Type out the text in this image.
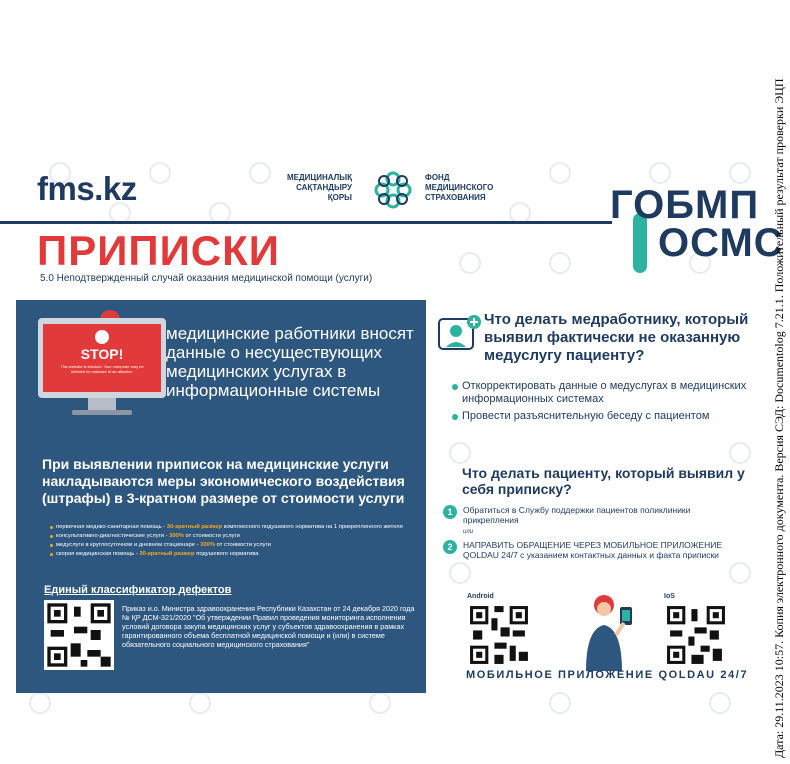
fms.kz	МЕДИЦИНАЛЫҚ
САҚТАНДЫРУ
ҚОРЫ
ФОНД
МЕДИЦИНСКОГО
СТРАХОВАНИЯ	ГОБМП
ОСМС
ПРИПИСКИ
5.0 Неподтвержденный случай оказания медицинской помощи (услуги)
STOP!
This website is blocked. Your computer may be infected by malware of an attacker.
медицинские работники вносят данные о несуществующих медицинских услугах в информационные системы
При выявлении приписок на медицинские услуги накладываются меры экономического воздействия (штрафы) в 3-кратном размере от стоимости услуги
первичная медико-санитарная помощь - 30-кратный размер комплексного подушевого норматива на 1 прикрепленного жителя
консультативно-диагностические услуги - 300% от стоимости услуги
медуслуги в круглосуточном и дневном стационаре - 300% от стоимости услуги
скорая медицинская помощь - 30-кратный размер подушевого норматива
Единый классификатор дефектов
Приказ и.о. Министра здравоохранения Республики Казахстан от 24 декабря 2020 года № ҚР ДСМ-321/2020 "Об утверждении Правил проведения мониторинга исполнения условий договора закупа медицинских услуг у субъектов здравоохранения в рамках гарантированного объема бесплатной медицинской помощи и (или) в системе обязательного социального медицинского страхования"
Что делать медработнику, который выявил фактически не оказанную медуслугу пациенту?
Откорректировать данные о медуслугах в медицинских информационных системах
Провести разъяснительную беседу с пациентом
Что делать пациенту, который выявил у себя приписку?
1	Обратиться в Службу поддержки пациентов поликлиники прикрепления
или
2	НАПРАВИТЬ ОБРАЩЕНИЕ ЧЕРЕЗ МОБИЛЬНОЕ ПРИЛОЖЕНИЕ QOLDAU 24/7 с указанием контактных данных и факта приписки
Android	IoS
МОБИЛЬНОЕ ПРИЛОЖЕНИЕ QOLDAU 24/7	Дата: 29.11.2023 10:57. Копия электронного документа. Версия СЭД: Documentolog 7.21.1. Положительный результат проверки ЭЦП
